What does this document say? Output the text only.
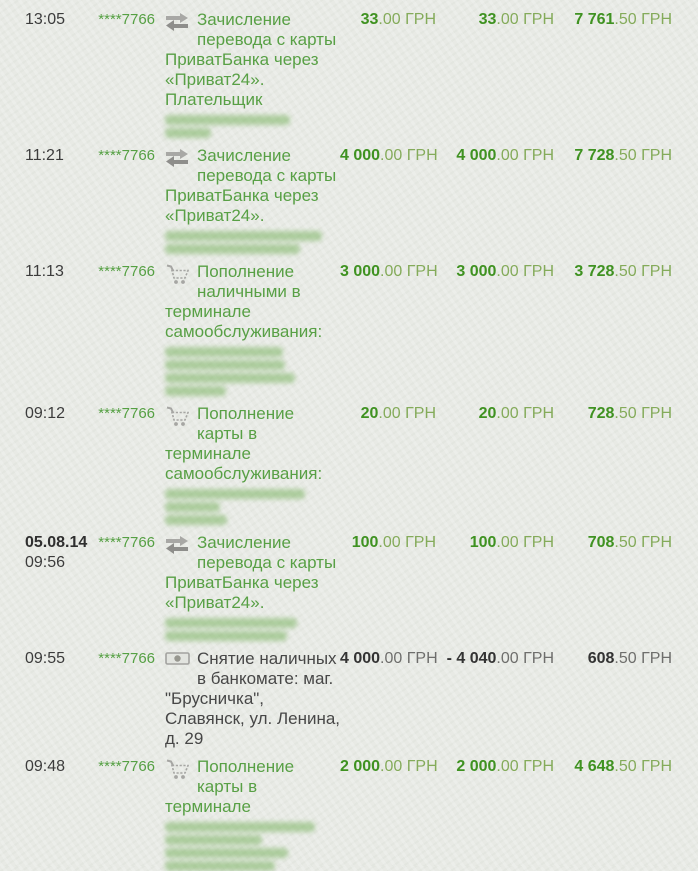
13:05	****7766	Зачисление
перевода с карты
ПриватБанка через
«Приват24».
Плательщик
33.00 ГРН	33.00 ГРН	7 761.50 ГРН
11:21	****7766	Зачисление
перевода с карты
ПриватБанка через
«Приват24».
4 000.00 ГРН	4 000.00 ГРН	7 728.50 ГРН
11:13	****7766	Пополнение
наличными в
терминале
самообслуживания:
3 000.00 ГРН	3 000.00 ГРН	3 728.50 ГРН
09:12	****7766	Пополнение
карты в
терминале
самообслуживания:
20.00 ГРН	20.00 ГРН	728.50 ГРН
05.08.14
09:56
****7766	Зачисление
перевода с карты
ПриватБанка через
«Приват24».
100.00 ГРН	100.00 ГРН	708.50 ГРН
09:55	****7766	Снятие наличных
в банкомате: маг.
"Брусничка",
Славянск, ул. Ленина,
д. 29
4 000.00 ГРН - 4 040.00 ГРН	608.50 ГРН
09:48	****7766	Пополнение
карты в
терминале
2 000.00 ГРН	2 000.00 ГРН	4 648.50 ГРН
